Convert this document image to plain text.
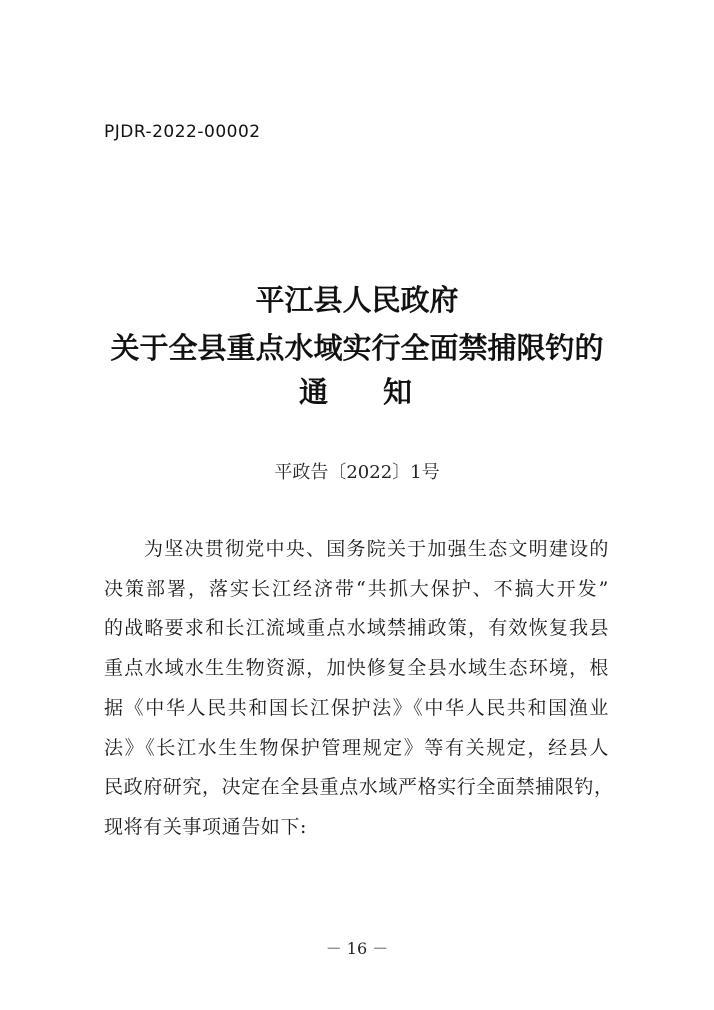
PJDR-2022-00002
平江县人民政府
关于全县重点水域实行全面禁捕限钓的
通 知
平政告〔2022〕1号
为坚决贯彻党中央、国务院关于加强生态文明建设的
决策部署，落实长江经济带“共抓大保护、不搞大开发”
的战略要求和长江流域重点水域禁捕政策，有效恢复我县
重点水域水生生物资源，加快修复全县水域生态环境，根
据《中华人民共和国长江保护法》《中华人民共和国渔业
法》《长江水生生物保护管理规定》等有关规定，经县人
民政府研究，决定在全县重点水域严格实行全面禁捕限钓，
现将有关事项通告如下:
－ 16 －
